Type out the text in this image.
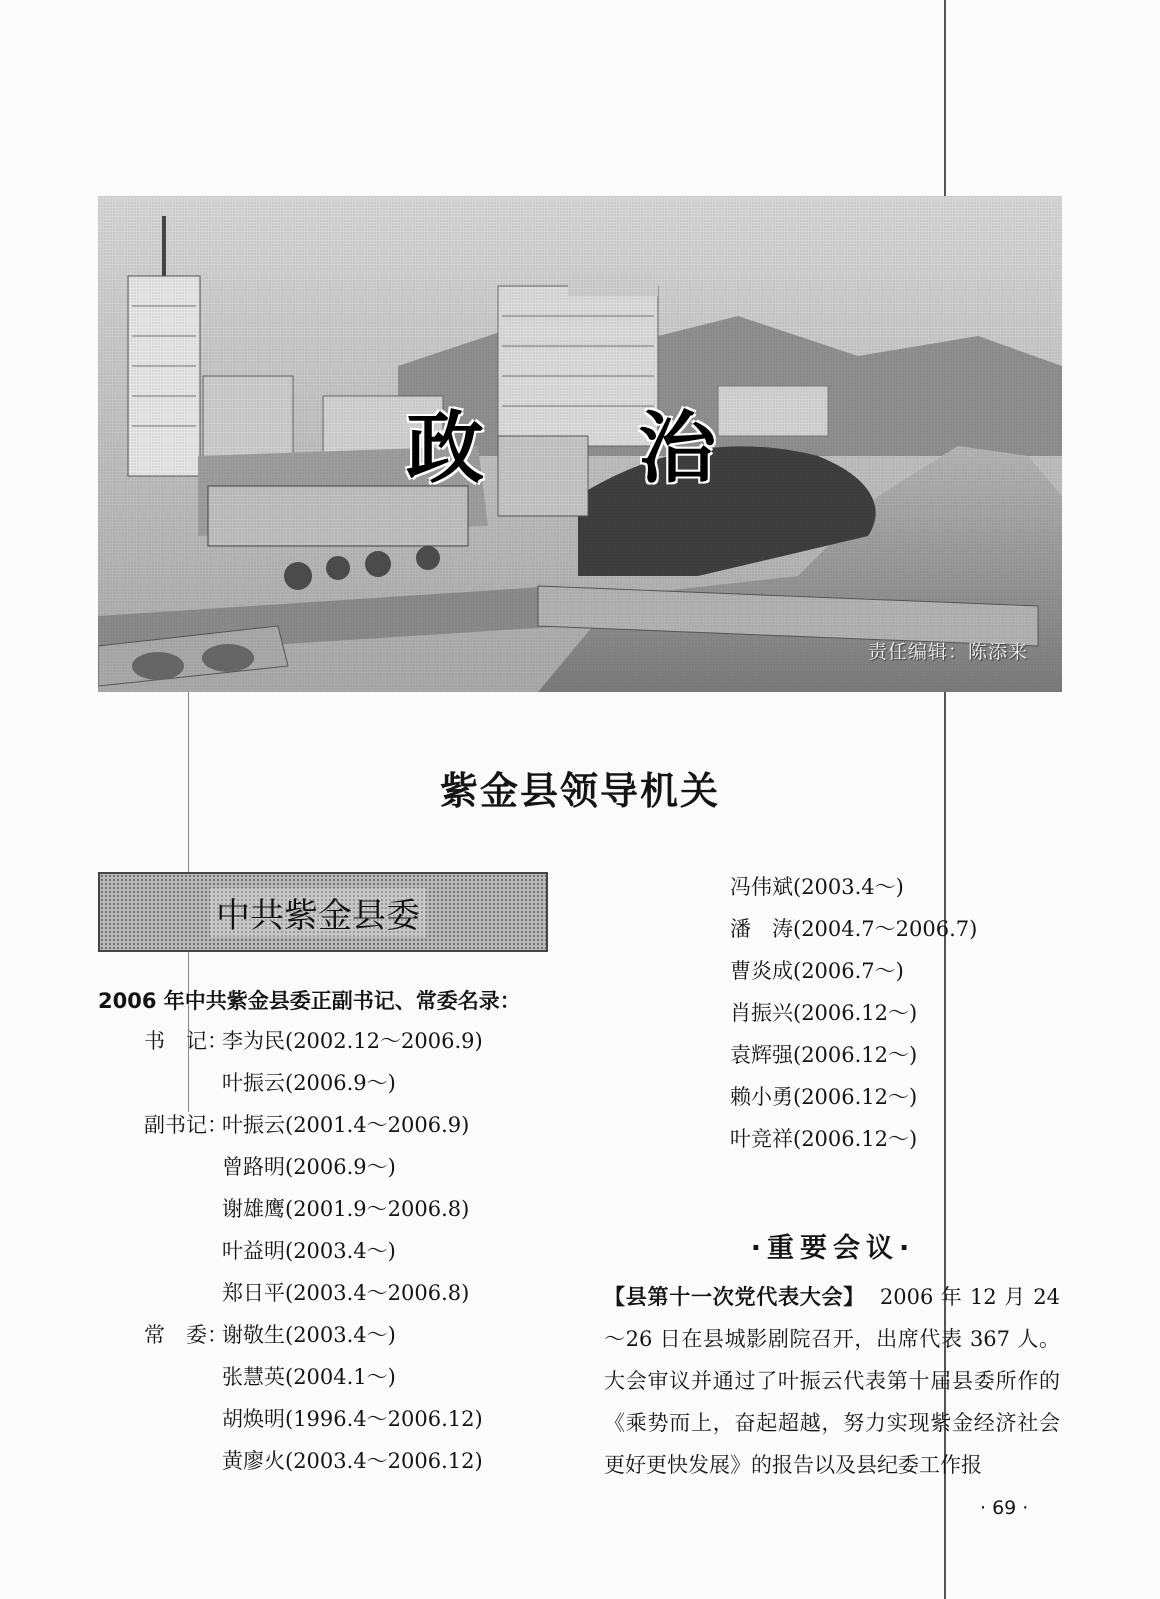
政 治
责任编辑：陈添来
紫金县领导机关
中共紫金县委
2006 年中共紫金县委正副书记、常委名录：
书　记：李为民(2002.12～2006.9)
叶振云(2006.9～)
副书记：叶振云(2001.4～2006.9)
曾路明(2006.9～)
谢雄鹰(2001.9～2006.8)
叶益明(2003.4～)
郑日平(2003.4～2006.8)
常　委：谢敬生(2003.4～)
张慧英(2004.1～)
胡焕明(1996.4～2006.12)
黄廖火(2003.4～2006.12)
冯伟斌(2003.4～)
潘　涛(2004.7～2006.7)
曹炎成(2006.7～)
肖振兴(2006.12～)
袁辉强(2006.12～)
赖小勇(2006.12～)
叶竞祥(2006.12～)
·重要会议·
【县第十一次党代表大会】 2006 年 12 月 24～26 日在县城影剧院召开，出席代表 367 人。大会审议并通过了叶振云代表第十届县委所作的《乘势而上，奋起超越，努力实现紫金经济社会更好更快发展》的报告以及县纪委工作报
· 69 ·
